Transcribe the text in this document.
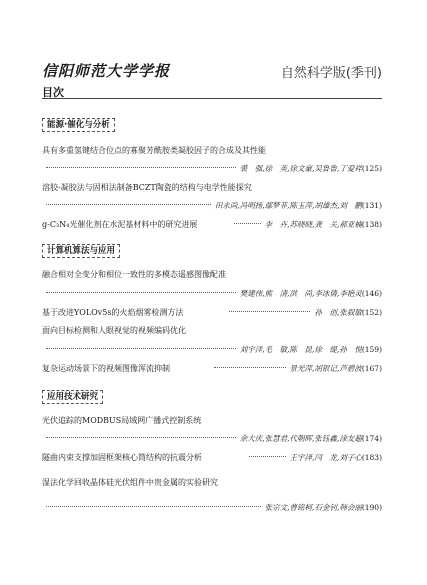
信阳师范大学学报	自然科学版(季刊)
目次
能源·催化与分析
具有多重氢键结合位点的寡聚芳酰胺类凝胶因子的合成及其性能
裘　强,徐　英,徐文豪,吴鲁鲁,丁爱祥 (125)
溶胶-凝胶法与固相法制备BCZT陶瓷的结构与电学性能探究
田永尚,冯明扬,鄢梦菲,陈玉萍,胡雄杰,刘　鹏 (131)
g-C₃N₄光催化剂在水泥基材料中的研究进展	李　卉,苏晓晓,龚　关,郝亚楠 (138)
计算机算法与应用
融合相对全变分和相位一致性的多模态遥感图像配准
樊建伟,熊　清,洪　尚,李冰倩,李艳灵 (146)
基于改进YOLOv5s的火焰烟雾检测方法	孙　创,张叙敏 (152)
面向目标检测和人眼视觉的视频编码优化
刘宇洋,毛　敏,陈　昆,徐　缇,孙　悦 (159)
复杂运动场景下的视频图像浑流抑制	景光萍,胡银记,芦碧波 (167)
应用技术研究
光伏追踪的MODBUS局域网广播式控制系统
余大庆,张慧君,代朝晖,张钰鑫,涂友超 (174)
隧曲内束支撑加固框架核心筒结构的抗震分析	王宇泽,闫　龙,刘子心 (183)
湿法化学回收晶体硅光伏组件中贵金属的实验研究
张宗文,曹铭柯,石金钊,韩会丽 (190)
